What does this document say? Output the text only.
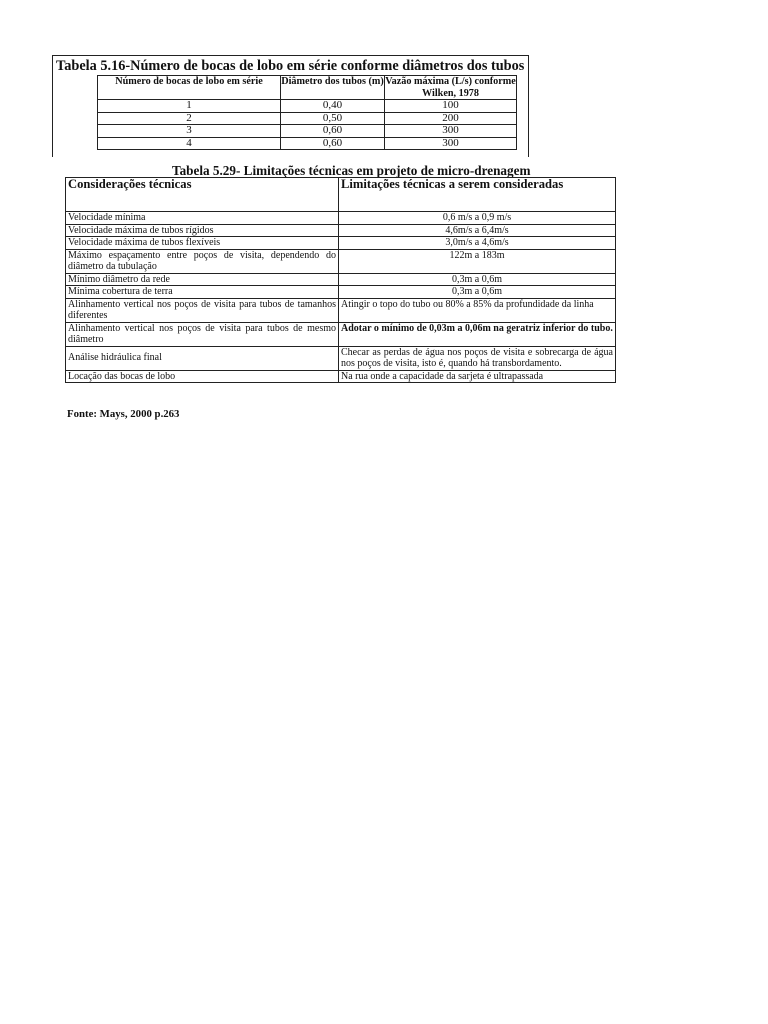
Tabela 5.16-Número de bocas de lobo em série conforme diâmetros dos tubos
Número de bocas de lobo em série	Diâmetro dos tubos (m)	Vazão máxima (L/s) conforme Wilken, 1978
1	0,40	100
2	0,50	200
3	0,60	300
4	0,60	300
Tabela 5.29- Limitações técnicas em projeto de micro-drenagem
Considerações técnicas	Limitações técnicas a serem consideradas
Velocidade mínima	0,6 m/s a 0,9 m/s
Velocidade máxima de tubos rígidos	4,6m/s a 6,4m/s
Velocidade máxima de tubos flexíveis	3,0m/s a 4,6m/s
Máximo espaçamento entre poços de visita, dependendo do diâmetro da tubulação	122m a 183m
Mínimo diâmetro da rede	0,3m a 0,6m
Mínima cobertura de terra	0,3m a 0,6m
Alinhamento vertical nos poços de visita para tubos de tamanhos diferentes	Atingir o topo do tubo ou 80% a 85% da profundidade da linha
Alinhamento vertical nos poços de visita para tubos de mesmo diâmetro	Adotar o mínimo de 0,03m a 0,06m na geratriz inferior do tubo.
Análise hidráulica final	Checar as perdas de água nos poços de visita e sobrecarga de água nos poços de visita, isto é, quando há transbordamento.
Locação das bocas de lobo	Na rua onde a capacidade da sarjeta é ultrapassada
Fonte: Mays, 2000 p.263
